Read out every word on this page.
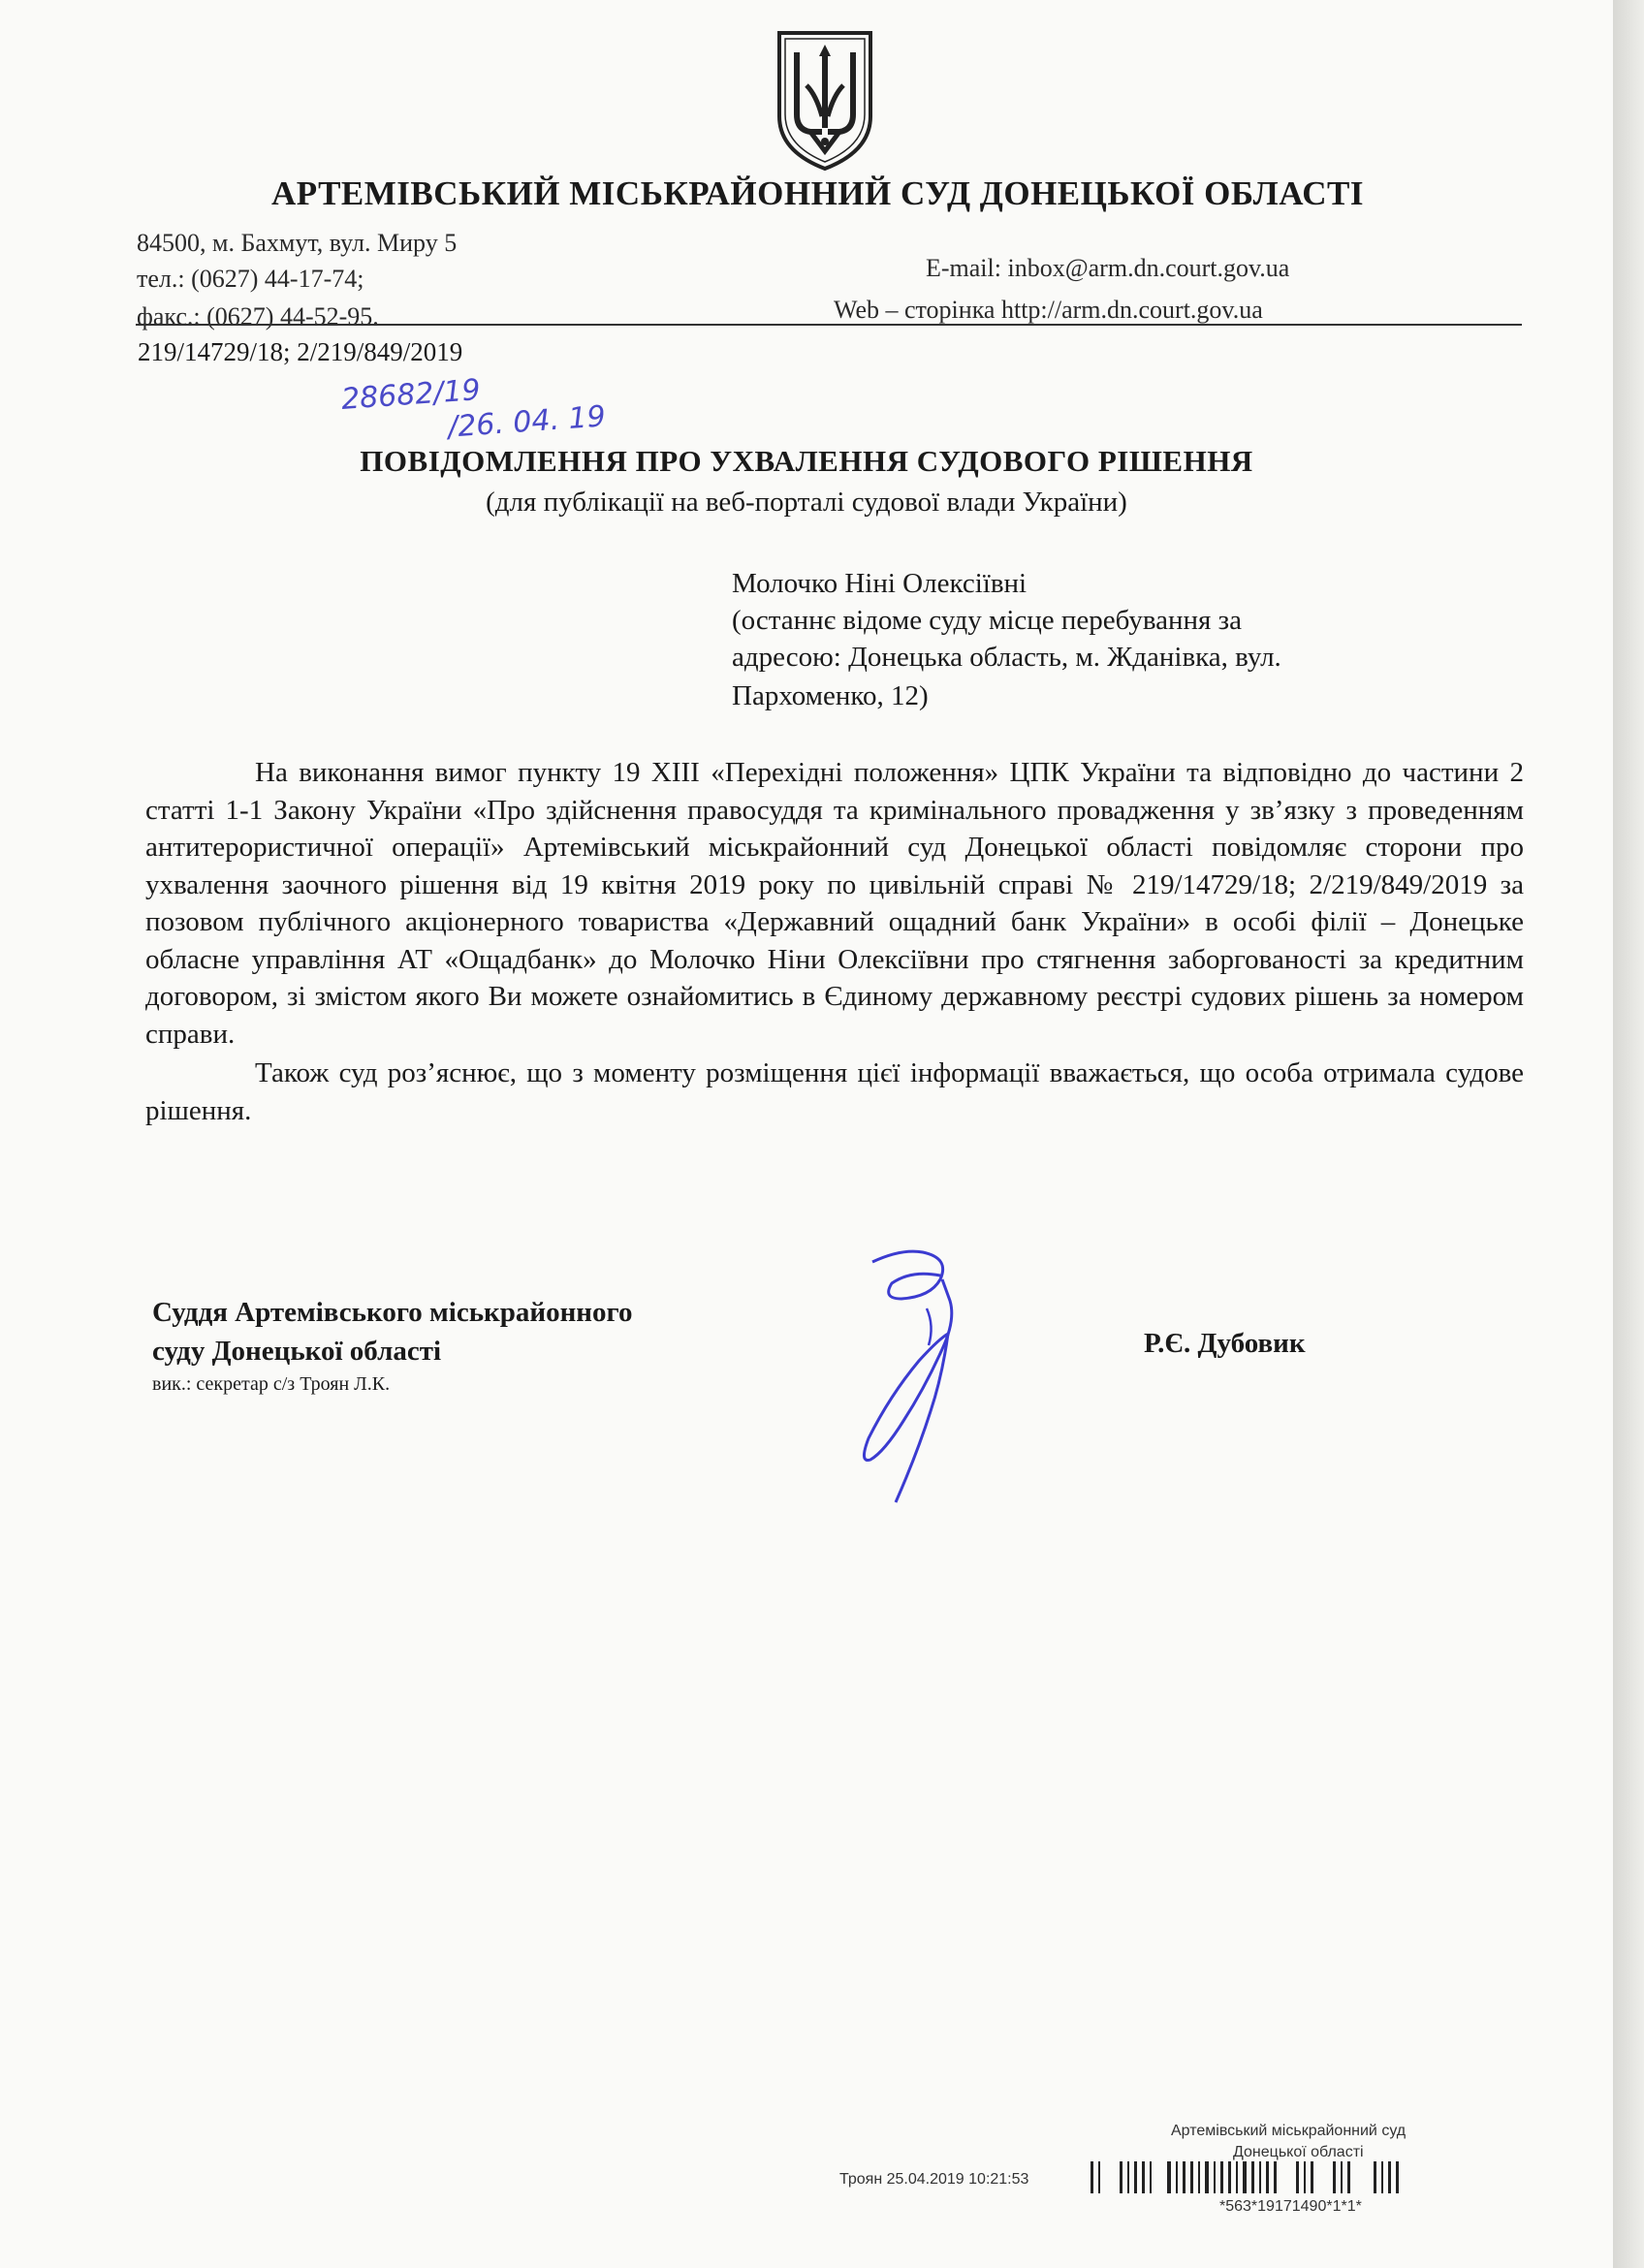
АРТЕМІВСЬКИЙ МІСЬКРАЙОННИЙ СУД ДОНЕЦЬКОЇ ОБЛАСТІ
84500, м. Бахмут, вул. Миру 5
тел.: (0627) 44-17-74;
факс.: (0627) 44-52-95.
E-mail: inbox@arm.dn.court.gov.ua
Web – сторінка http://arm.dn.court.gov.ua
219/14729/18; 2/219/849/2019
28682/19
/26. 04. 19
ПОВІДОМЛЕННЯ ПРО УХВАЛЕННЯ СУДОВОГО РІШЕННЯ
(для публікації на веб-порталі судової влади України)
Молочко Ніні Олексіївні
(останнє відоме суду місце перебування за
адресою: Донецька область, м. Жданівка, вул.
Пархоменко, 12)

На виконання вимог пункту 19 XIII «Перехідні положення» ЦПК України та відповідно до частини 2 статті 1-1 Закону України «Про здійснення правосуддя та кримінального провадження у зв’язку з проведенням антитерористичної операції» Артемівський міськрайонний суд Донецької області повідомляє сторони про ухвалення заочного рішення від 19 квітня 2019 року по цивільній справі № 219/14729/18; 2/219/849/2019 за позовом публічного акціонерного товариства «Державний ощадний банк України» в особі філії – Донецьке обласне управління АТ «Ощадбанк» до Молочко Ніни Олексіївни про стягнення заборгованості за кредитним договором, зі змістом якого Ви можете ознайомитись в Єдиному державному реєстрі судових рішень за номером справи.

Також суд роз’яснює, що з моменту розміщення цієї інформації вважається, що особа отримала судове рішення.

Суддя Артемівського міськрайонного
суду Донецької області
вик.: секретар с/з Троян Л.К.
Р.Є. Дубовик
Артемівський міськрайонний суд
Донецької області
Троян 25.04.2019 10:21:53
*563*19171490*1*1*
